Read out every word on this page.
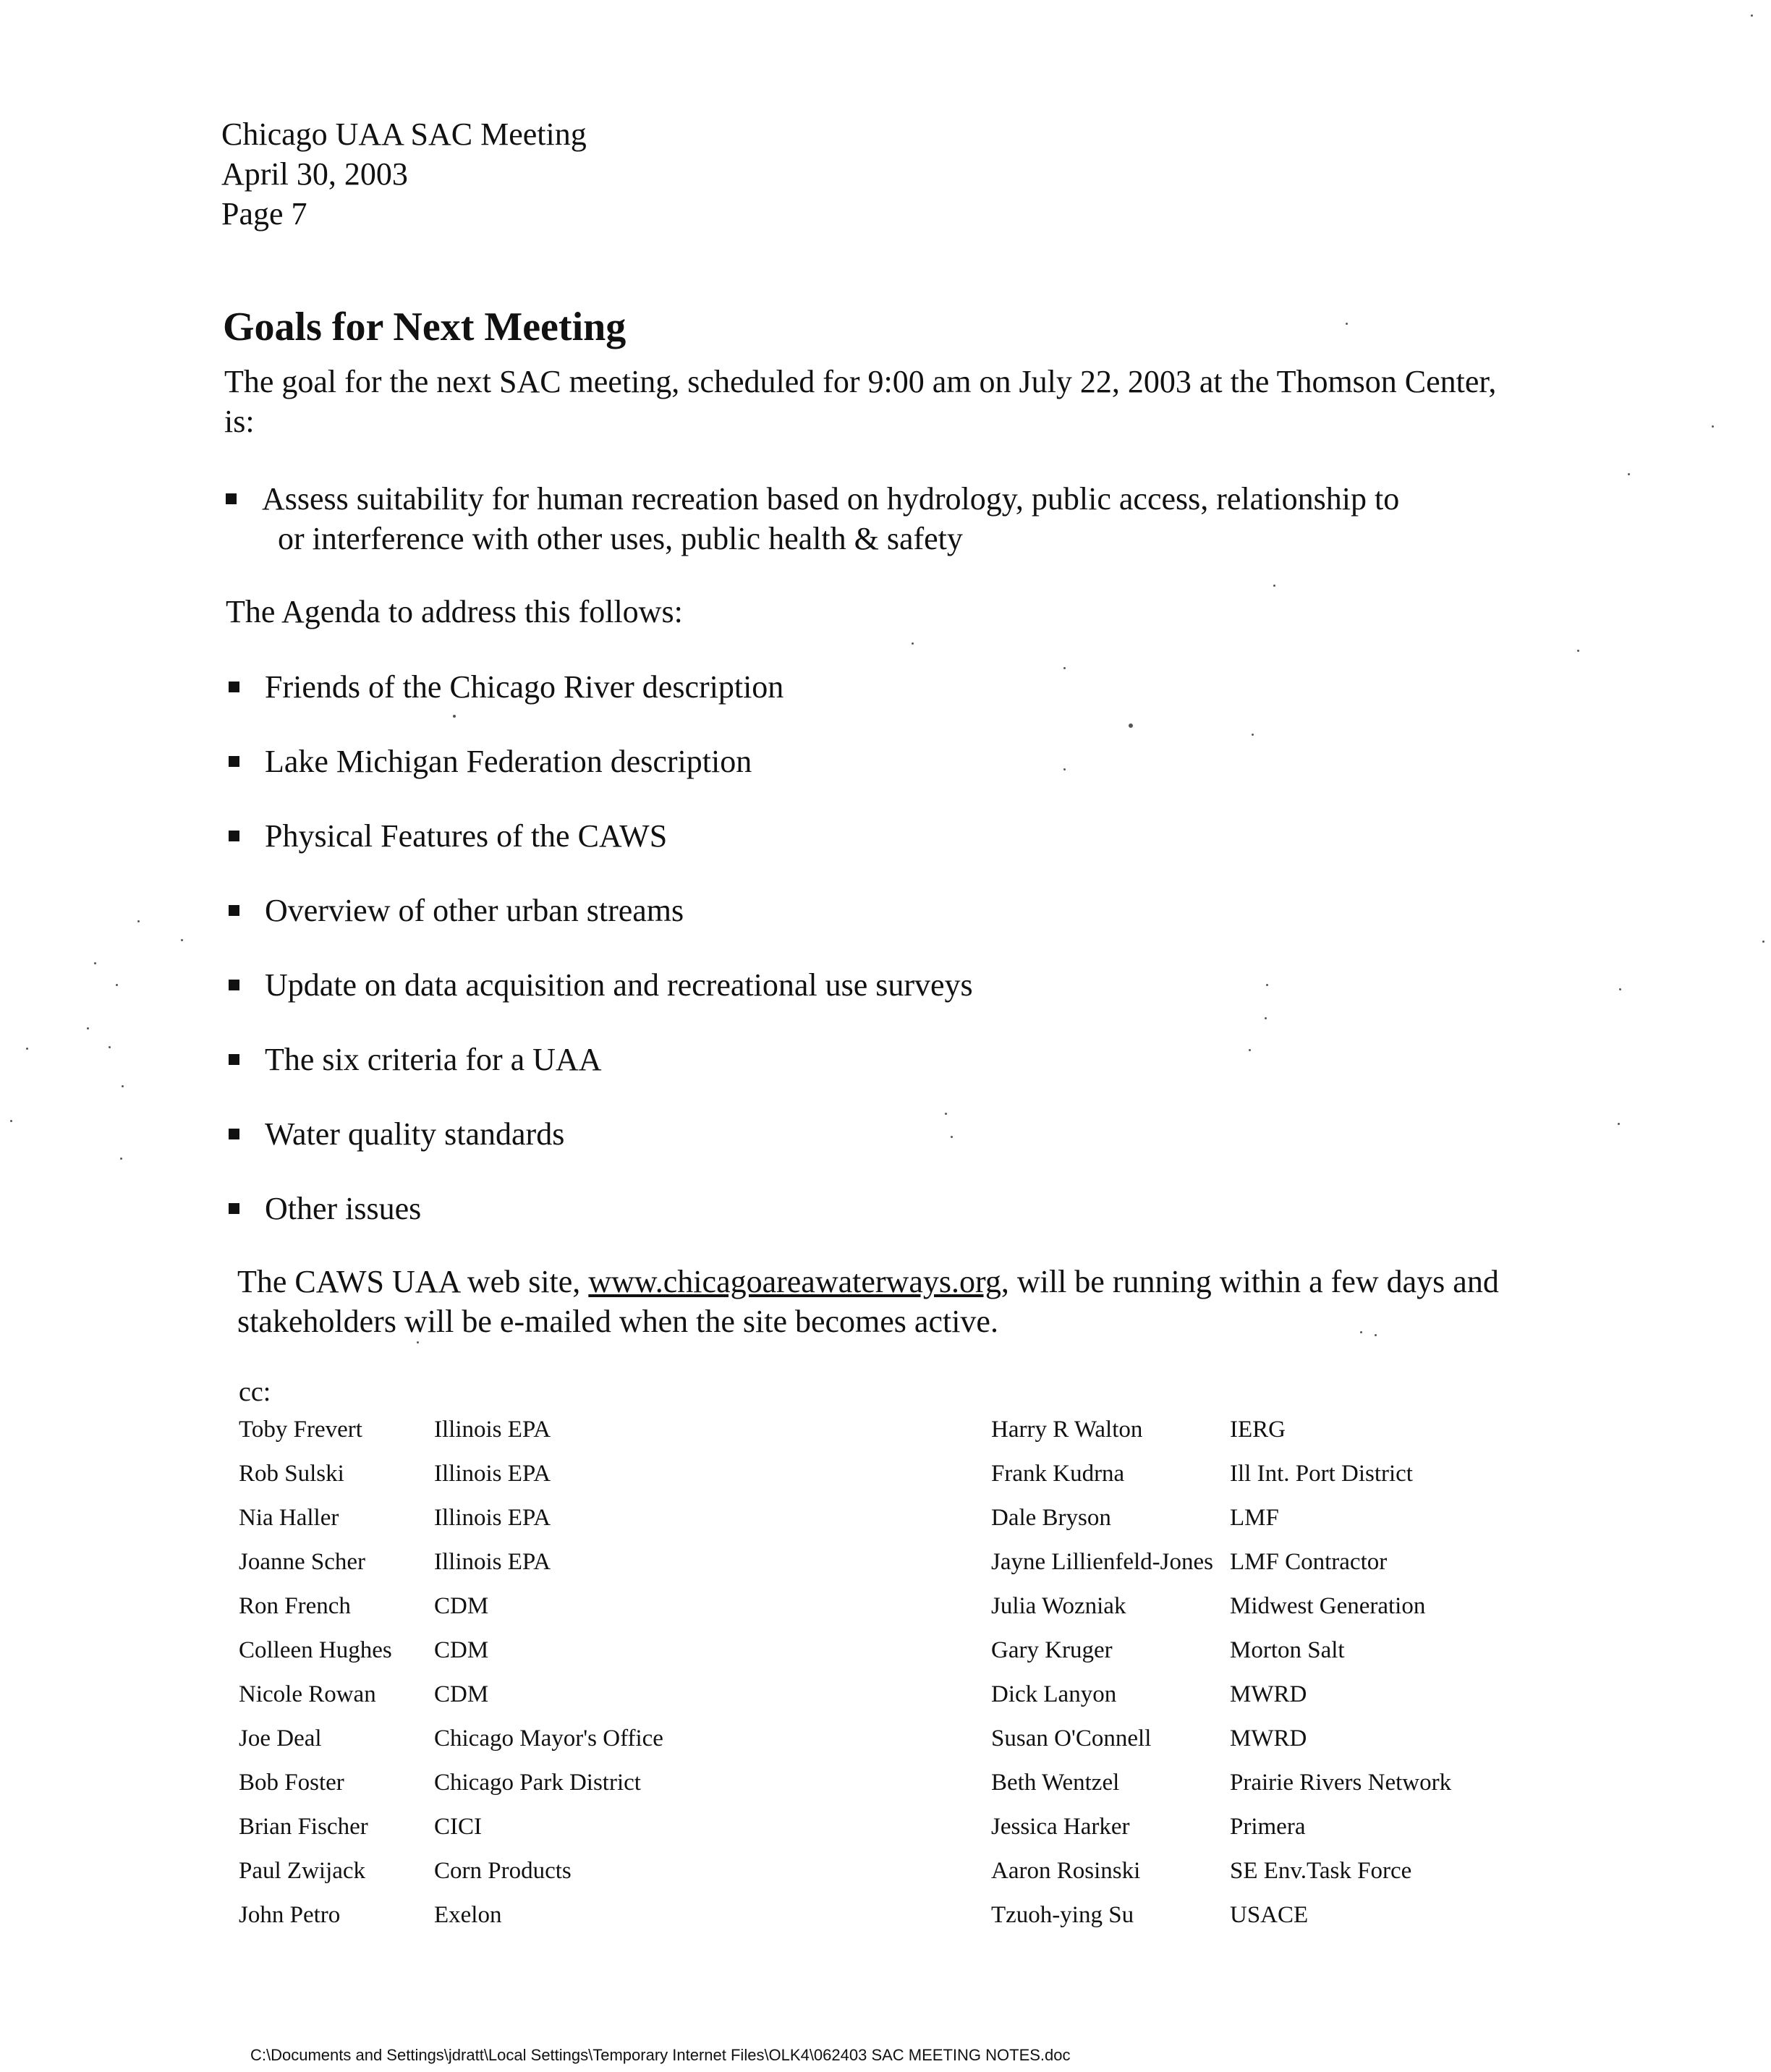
Chicago UAA SAC Meeting
April 30, 2003
Page 7
Goals for Next Meeting
The goal for the next SAC meeting, scheduled for 9:00 am on July 22, 2003 at the Thomson Center, is:
Assess suitability for human recreation based on hydrology, public access, relationship to
or interference with other uses, public health & safety
The Agenda to address this follows:
Friends of the Chicago River description
Lake Michigan Federation description
Physical Features of the CAWS
Overview of other urban streams
Update on data acquisition and recreational use surveys
The six criteria for a UAA
Water quality standards
Other issues
The CAWS UAA web site, www.chicagoareawaterways.org, will be running within a few days and stakeholders will be e-mailed when the site becomes active.
cc:
Toby Frevert	Illinois EPA	Harry R Walton	IERG
Rob Sulski	Illinois EPA	Frank Kudrna	Ill Int. Port District
Nia Haller	Illinois EPA	Dale Bryson	LMF
Joanne Scher	Illinois EPA	Jayne Lillienfeld-Jones	LMF Contractor
Ron French	CDM	Julia Wozniak	Midwest Generation
Colleen Hughes	CDM	Gary Kruger	Morton Salt
Nicole Rowan	CDM	Dick Lanyon	MWRD
Joe Deal	Chicago Mayor's Office	Susan O'Connell	MWRD
Bob Foster	Chicago Park District	Beth Wentzel	Prairie Rivers Network
Brian Fischer	CICI	Jessica Harker	Primera
Paul Zwijack	Corn Products	Aaron Rosinski	SE Env.Task Force
John Petro	Exelon	Tzuoh-ying Su	USACE
C:\Documents and Settings\jdratt\Local Settings\Temporary Internet Files\OLK4\062403 SAC MEETING NOTES.doc
